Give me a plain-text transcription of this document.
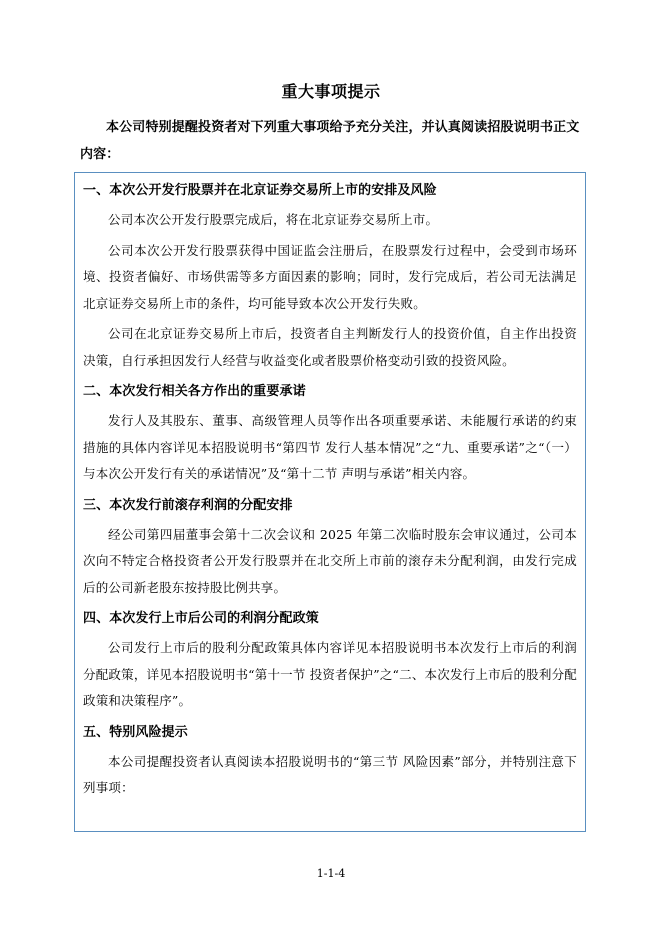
重大事项提示
本公司特别提醒投资者对下列重大事项给予充分关注，并认真阅读招股说明书正文内容：

一、本次公开发行股票并在北京证券交易所上市的安排及风险

公司本次公开发行股票完成后，将在北京证券交易所上市。

公司本次公开发行股票获得中国证监会注册后，在股票发行过程中，会受到市场环境、投资者偏好、市场供需等多方面因素的影响；同时，发行完成后，若公司无法满足北京证券交易所上市的条件，均可能导致本次公开发行失败。

公司在北京证券交易所上市后，投资者自主判断发行人的投资价值，自主作出投资决策，自行承担因发行人经营与收益变化或者股票价格变动引致的投资风险。

二、本次发行相关各方作出的重要承诺

发行人及其股东、董事、高级管理人员等作出各项重要承诺、未能履行承诺的约束措施的具体内容详见本招股说明书“第四节 发行人基本情况”之“九、重要承诺”之“（一）与本次公开发行有关的承诺情况”及“第十二节 声明与承诺”相关内容。

三、本次发行前滚存利润的分配安排

经公司第四届董事会第十二次会议和 2025 年第二次临时股东会审议通过，公司本次向不特定合格投资者公开发行股票并在北交所上市前的滚存未分配利润，由发行完成后的公司新老股东按持股比例共享。

四、本次发行上市后公司的利润分配政策

公司发行上市后的股利分配政策具体内容详见本招股说明书本次发行上市后的利润分配政策，详见本招股说明书“第十一节 投资者保护”之“二、本次发行上市后的股利分配政策和决策程序”。

五、特别风险提示

本公司提醒投资者认真阅读本招股说明书的“第三节 风险因素”部分，并特别注意下列事项：

1-1-4
